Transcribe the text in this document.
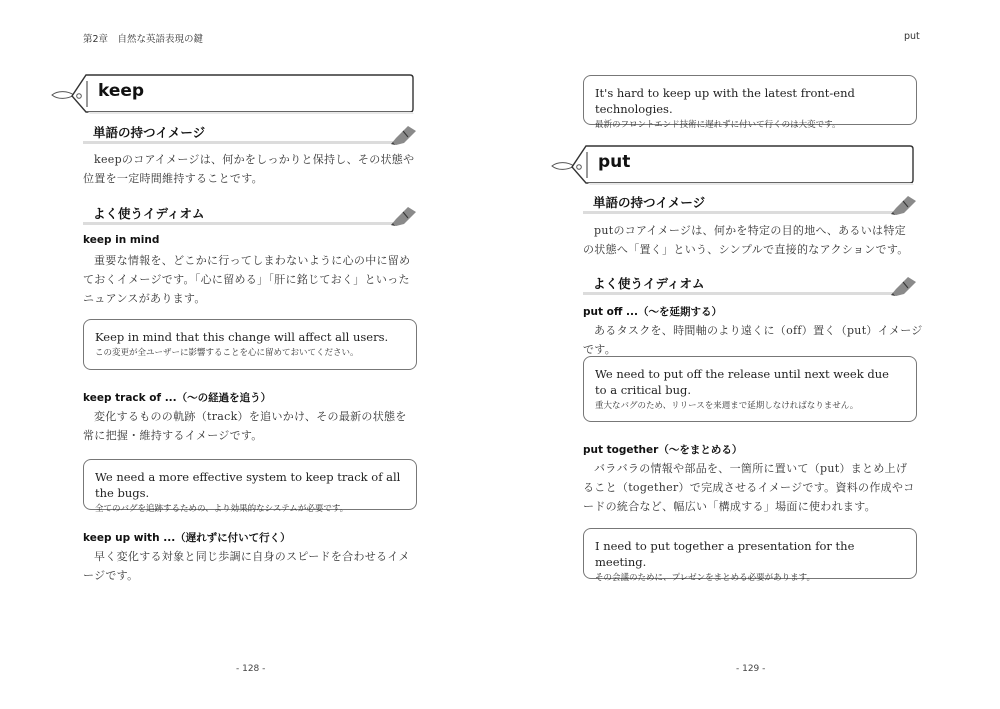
第2章　自然な英語表現の鍵
keep
単語の持つイメージ
keepのコアイメージは、何かをしっかりと保持し、その状態や位置を一定時間維持することです。
よく使うイディオム
keep in mind
重要な情報を、どこかに行ってしまわないように心の中に留めておくイメージです。「心に留める」「肝に銘じておく」といったニュアンスがあります。
Keep in mind that this change will affect all users.
この変更が全ユーザーに影響することを心に留めておいてください。
keep track of ...（～の経過を追う）
変化するものの軌跡（track）を追いかけ、その最新の状態を常に把握・維持するイメージです。
We need a more effective system to keep track of all the bugs.
全てのバグを追跡するための、より効果的なシステムが必要です。
keep up with ...（遅れずに付いて行く）
早く変化する対象と同じ歩調に自身のスピードを合わせるイメージです。
- 128 -
put
It's hard to keep up with the latest front-end technologies.
最新のフロントエンド技術に遅れずに付いて行くのは大変です。
put
単語の持つイメージ
putのコアイメージは、何かを特定の目的地へ、あるいは特定の状態へ「置く」という、シンプルで直接的なアクションです。
よく使うイディオム
put off ...（～を延期する）
あるタスクを、時間軸のより遠くに（off）置く（put）イメージです。
We need to put off the release until next week due to a critical bug.
重大なバグのため、リリースを来週まで延期しなければなりません。
put together（～をまとめる）
バラバラの情報や部品を、一箇所に置いて（put）まとめ上げること（together）で完成させるイメージです。資料の作成やコードの統合など、幅広い「構成する」場面に使われます。
I need to put together a presentation for the meeting.
その会議のために、プレゼンをまとめる必要があります。
- 129 -
